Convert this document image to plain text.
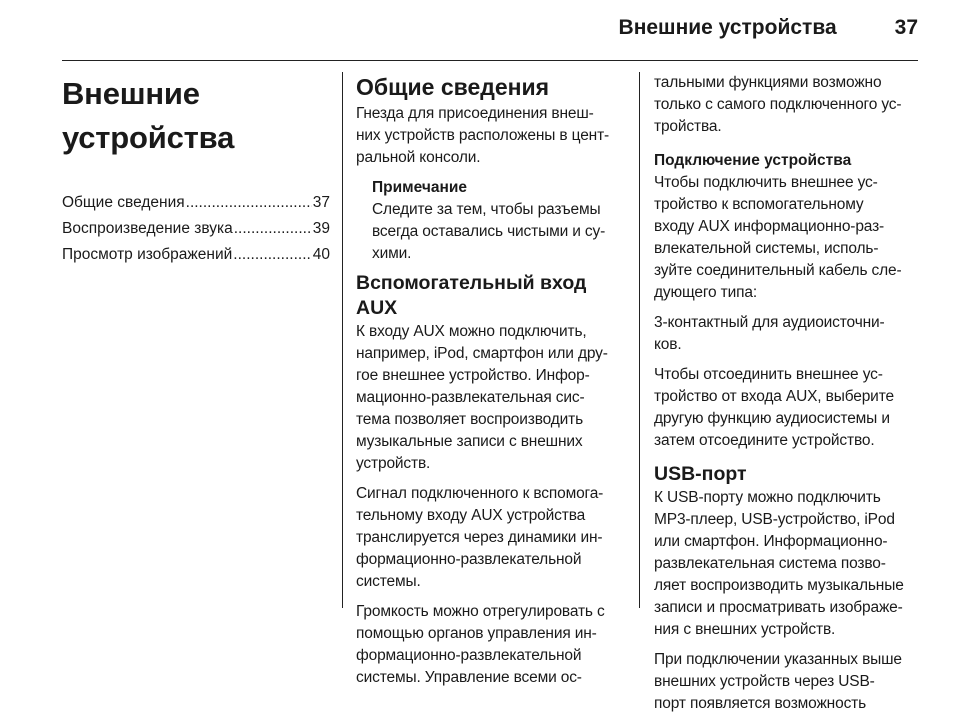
Внешние устройства	37
Внешние устройства
Общие сведения .....	37
Воспроизведение звука .....	39
Просмотр изображений .....	40
Общие сведения

Гнезда для присоединения внеш-
них устройств расположены в цент-
ральной консоли.

Примечание

Следите за тем, чтобы разъемы
всегда оставались чистыми и су-
хими.

Вспомогательный вход AUX

К входу AUX можно подключить,
например, iPod, смартфон или дру-
гое внешнее устройство. Инфор-
мационно-развлекательная сис-
тема позволяет воспроизводить
музыкальные записи с внешних
устройств.

Сигнал подключенного к вспомога-
тельному входу AUX устройства
транслируется через динамики ин-
формационно-развлекательной
системы.

Громкость можно отрегулировать с
помощью органов управления ин-
формационно-развлекательной
системы. Управление всеми ос-

тальными функциями возможно
только с самого подключенного ус-
тройства.

Подключение устройства

Чтобы подключить внешнее ус-
тройство к вспомогательному
входу AUX информационно-раз-
влекательной системы, исполь-
зуйте соединительный кабель сле-
дующего типа:

3-контактный для аудиоисточни-
ков.

Чтобы отсоединить внешнее ус-
тройство от входа AUX, выберите
другую функцию аудиосистемы и
затем отсоедините устройство.

USB-порт

К USB-порту можно подключить
MP3-плеер, USB-устройство, iPod
или смартфон. Информационно-
развлекательная система позво-
ляет воспроизводить музыкальные
записи и просматривать изображе-
ния с внешних устройств.

При подключении указанных выше
внешних устройств через USB-
порт появляется возможность
